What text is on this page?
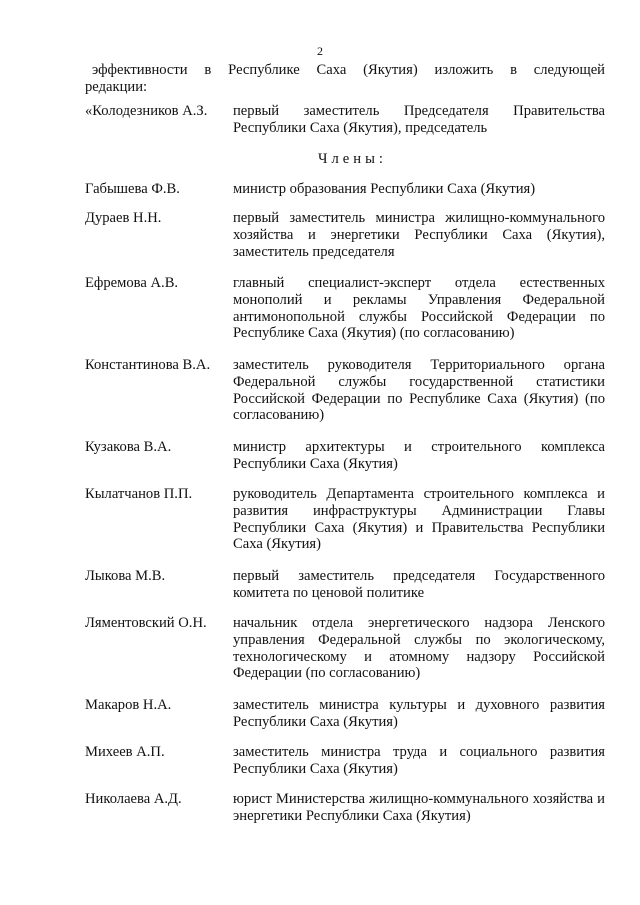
2

эффективности в Республике Саха (Якутия) изложить в следующей

редакции:

«Колодезников А.З.	первый заместитель Председателя Правительства Республики Саха (Якутия), председатель
Члены:
Габышева Ф.В.	министр образования Республики Саха (Якутия)
Дураев Н.Н.	первый заместитель министра жилищно-коммунального хозяйства и энергетики Республики Саха (Якутия), заместитель председателя
Ефремова А.В.	главный специалист-эксперт отдела естественных монополий и рекламы Управления Федеральной антимонопольной службы Российской Федерации по Республике Саха (Якутия) (по согласованию)
Константинова В.А.	заместитель руководителя Территориального органа Федеральной службы государственной статистики Российской Федерации по Республике Саха (Якутия) (по согласованию)
Кузакова В.А.	министр архитектуры и строительного комплекса Республики Саха (Якутия)
Кылатчанов П.П.	руководитель Департамента строительного комплекса и развития инфраструктуры Администрации Главы Республики Саха (Якутия) и Правительства Республики Саха (Якутия)
Лыкова М.В.	первый заместитель председателя Государственного комитета по ценовой политике
Ляментовский О.Н.	начальник отдела энергетического надзора Ленского управления Федеральной службы по экологическому, технологическому и атомному надзору Российской Федерации (по согласованию)
Макаров Н.А.	заместитель министра культуры и духовного развития Республики Саха (Якутия)
Михеев А.П.	заместитель министра труда и социального развития Республики Саха (Якутия)
Николаева А.Д.	юрист Министерства жилищно-коммунального хозяйства и энергетики Республики Саха (Якутия)
